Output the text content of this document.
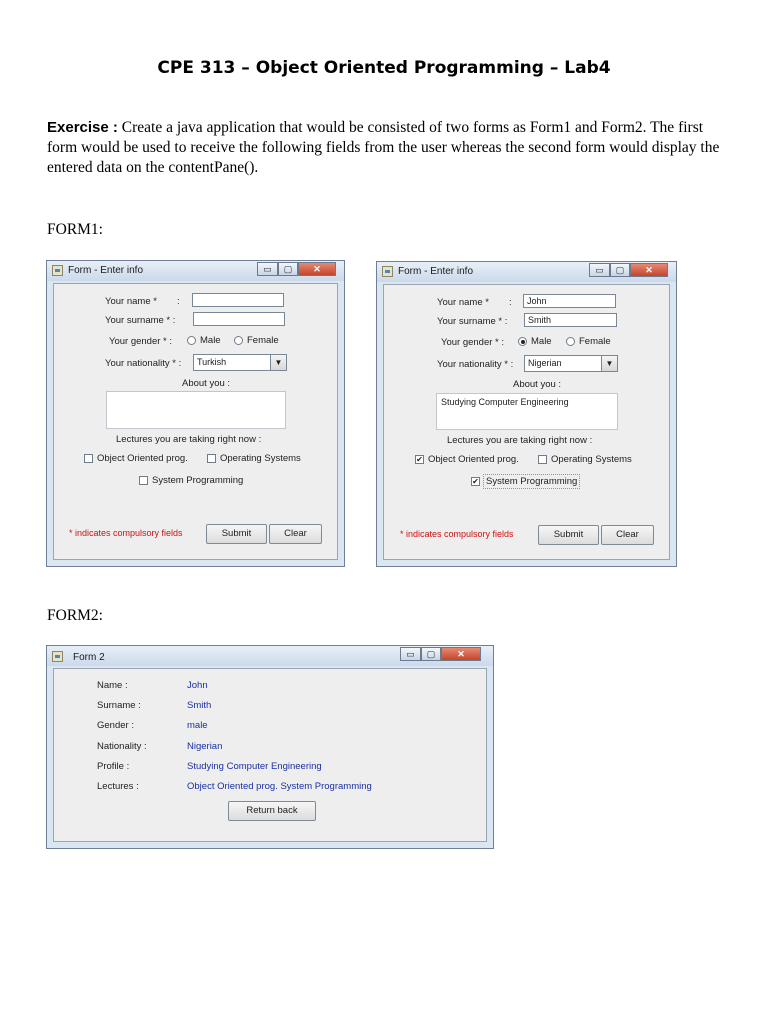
CPE 313 – Object Oriented Programming – Lab4
Exercise : Create a java application that would be consisted of two forms as Form1 and Form2. The first form would be used to receive the following fields from the user whereas the second form would display the entered data on the contentPane().
FORM1:
FORM2:
Form - Enter info	▭	▢	✕
Your name * :
Your surname * :
Your gender * :	Male	Female
Your nationality * : Turkish	▼
About you :
Lectures you are taking right now :
Object Oriented prog.	Operating Systems
System Programming
* indicates compulsory fields	Submit	Clear
Form - Enter info	▭	▢	✕
Your name * :	John
Your surname * :	Smith
Your gender * :	Male	Female
Your nationality * : Nigerian	▼
About you :
Studying Computer Engineering
Lectures you are taking right now :
✔ Object Oriented prog.	Operating Systems
✔ System Programming
* indicates compulsory fields	Submit	Clear
Form 2	▭	▢	✕
Name :	John
Surname :	Smith
Gender :	male
Nationality :	Nigerian
Profile :	Studying Computer Engineering
Lectures :	Object Oriented prog. System Programming
Return back
